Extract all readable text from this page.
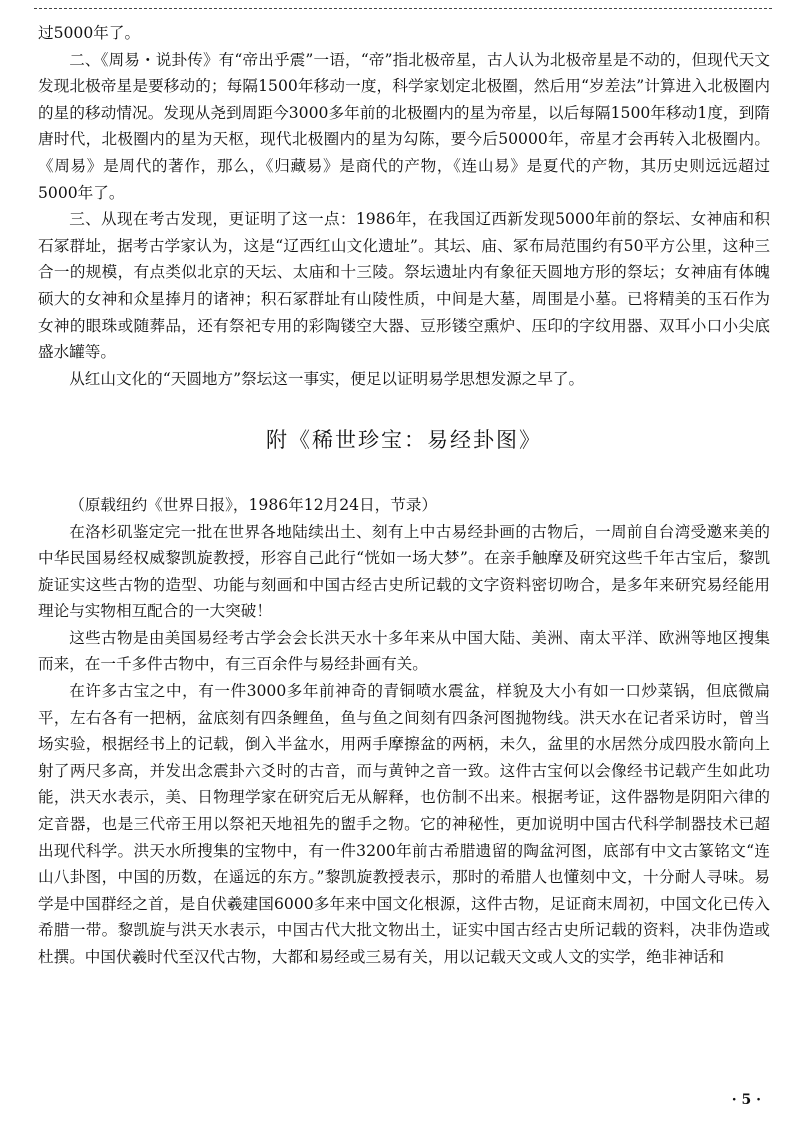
过5000年了。

二、《周易・说卦传》有“帝出乎震”一语，“帝”指北极帝星，古人认为北极帝星是不动的，但现代天文发现北极帝星是要移动的；每隔1500年移动一度，科学家划定北极圈，然后用“岁差法”计算进入北极圈内的星的移动情况。发现从尧到周距今3000多年前的北极圈内的星为帝星，以后每隔1500年移动1度，到隋唐时代，北极圈内的星为天枢，现代北极圈内的星为勾陈，要今后50000年，帝星才会再转入北极圈内。《周易》是周代的著作，那么，《归藏易》是商代的产物，《连山易》是夏代的产物，其历史则远远超过5000年了。

三、从现在考古发现，更证明了这一点：1986年，在我国辽西新发现5000年前的祭坛、女神庙和积石冢群址，据考古学家认为，这是“辽西红山文化遗址”。其坛、庙、冢布局范围约有50平方公里，这种三合一的规模，有点类似北京的天坛、太庙和十三陵。祭坛遗址内有象征天圆地方形的祭坛；女神庙有体魄硕大的女神和众星捧月的诸神；积石冢群址有山陵性质，中间是大墓，周围是小墓。已将精美的玉石作为女神的眼珠或随葬品，还有祭祀专用的彩陶镂空大器、豆形镂空熏炉、压印的字纹用器、双耳小口小尖底盛水罐等。

从红山文化的“天圆地方”祭坛这一事实，便足以证明易学思想发源之早了。

附《稀世珍宝：易经卦图》

（原载纽约《世界日报》，1986年12月24日，节录）

在洛杉矶鉴定完一批在世界各地陆续出土、刻有上中古易经卦画的古物后，一周前自台湾受邀来美的中华民国易经权威黎凯旋教授，形容自己此行“恍如一场大梦”。在亲手触摩及研究这些千年古宝后，黎凯旋证实这些古物的造型、功能与刻画和中国古经古史所记载的文字资料密切吻合，是多年来研究易经能用理论与实物相互配合的一大突破！

这些古物是由美国易经考古学会会长洪天水十多年来从中国大陆、美洲、南太平洋、欧洲等地区搜集而来，在一千多件古物中，有三百余件与易经卦画有关。

在许多古宝之中，有一件3000多年前神奇的青铜喷水震盆，样貌及大小有如一口炒菜锅，但底微扁平，左右各有一把柄，盆底刻有四条鲤鱼，鱼与鱼之间刻有四条河图抛物线。洪天水在记者采访时，曾当场实验，根据经书上的记载，倒入半盆水，用两手摩擦盆的两柄，未久，盆里的水居然分成四股水箭向上射了两尺多高，并发出念震卦六爻时的古音，而与黄钟之音一致。这件古宝何以会像经书记载产生如此功能，洪天水表示，美、日物理学家在研究后无从解释，也仿制不出来。根据考证，这件器物是阴阳六律的定音器，也是三代帝王用以祭祀天地祖先的盥手之物。它的神秘性，更加说明中国古代科学制器技术已超出现代科学。洪天水所搜集的宝物中，有一件3200年前古希腊遗留的陶盆河图，底部有中文古篆铭文“连山八卦图，中国的历数，在遥远的东方。”黎凯旋教授表示，那时的希腊人也懂刻中文，十分耐人寻味。易学是中国群经之首，是自伏羲建国6000多年来中国文化根源，这件古物，足证商末周初，中国文化已传入希腊一带。黎凯旋与洪天水表示，中国古代大批文物出土，证实中国古经古史所记载的资料，决非伪造或杜撰。中国伏羲时代至汉代古物，大都和易经或三易有关，用以记载天文或人文的实学，绝非神话和

· 5 ·
